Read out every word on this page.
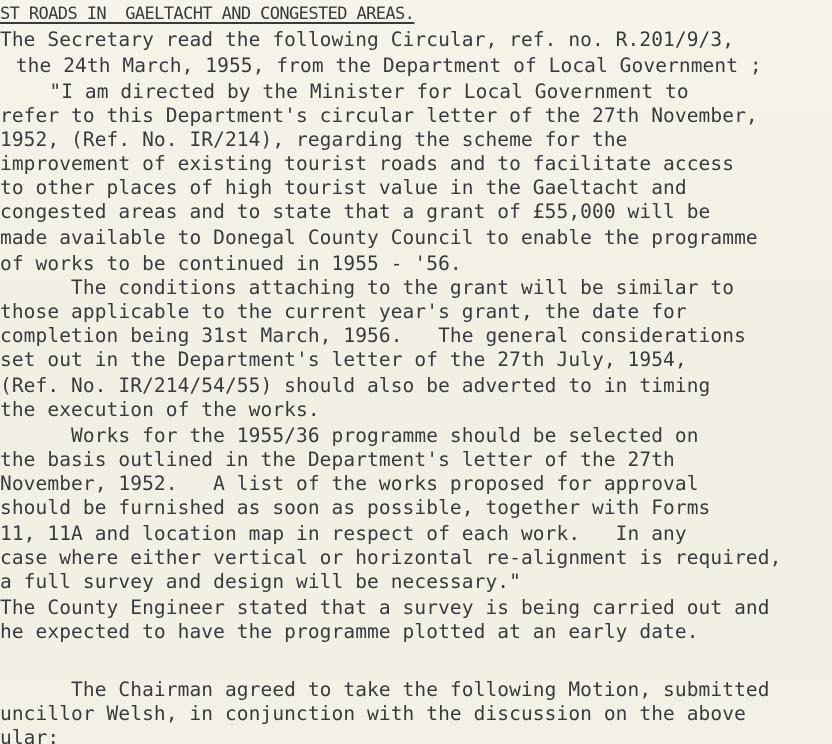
ST ROADS IN  GAELTACHT AND CONGESTED AREAS.
The Secretary read the following Circular, ref. no. R.201/9/3,
the 24th March, 1955, from the Department of Local Government ;
"I am directed by the Minister for Local Government to
refer to this Department's circular letter of the 27th November,
1952, (Ref. No. IR/214), regarding the scheme for the
improvement of existing tourist roads and to facilitate access
to other places of high tourist value in the Gaeltacht and
congested areas and to state that a grant of £55,000 will be
made available to Donegal County Council to enable the programme
of works to be continued in 1955 - '56.
The conditions attaching to the grant will be similar to
those applicable to the current year's grant, the date for
completion being 31st March, 1956.   The general considerations
set out in the Department's letter of the 27th July, 1954,
(Ref. No. IR/214/54/55) should also be adverted to in timing
the execution of the works.
Works for the 1955/36 programme should be selected on
the basis outlined in the Department's letter of the 27th
November, 1952.   A list of the works proposed for approval
should be furnished as soon as possible, together with Forms
11, 11A and location map in respect of each work.   In any
case where either vertical or horizontal re-alignment is required,
a full survey and design will be necessary."
The County Engineer stated that a survey is being carried out and
he expected to have the programme plotted at an early date.
The Chairman agreed to take the following Motion, submitted
uncillor Welsh, in conjunction with the discussion on the above
ular:
